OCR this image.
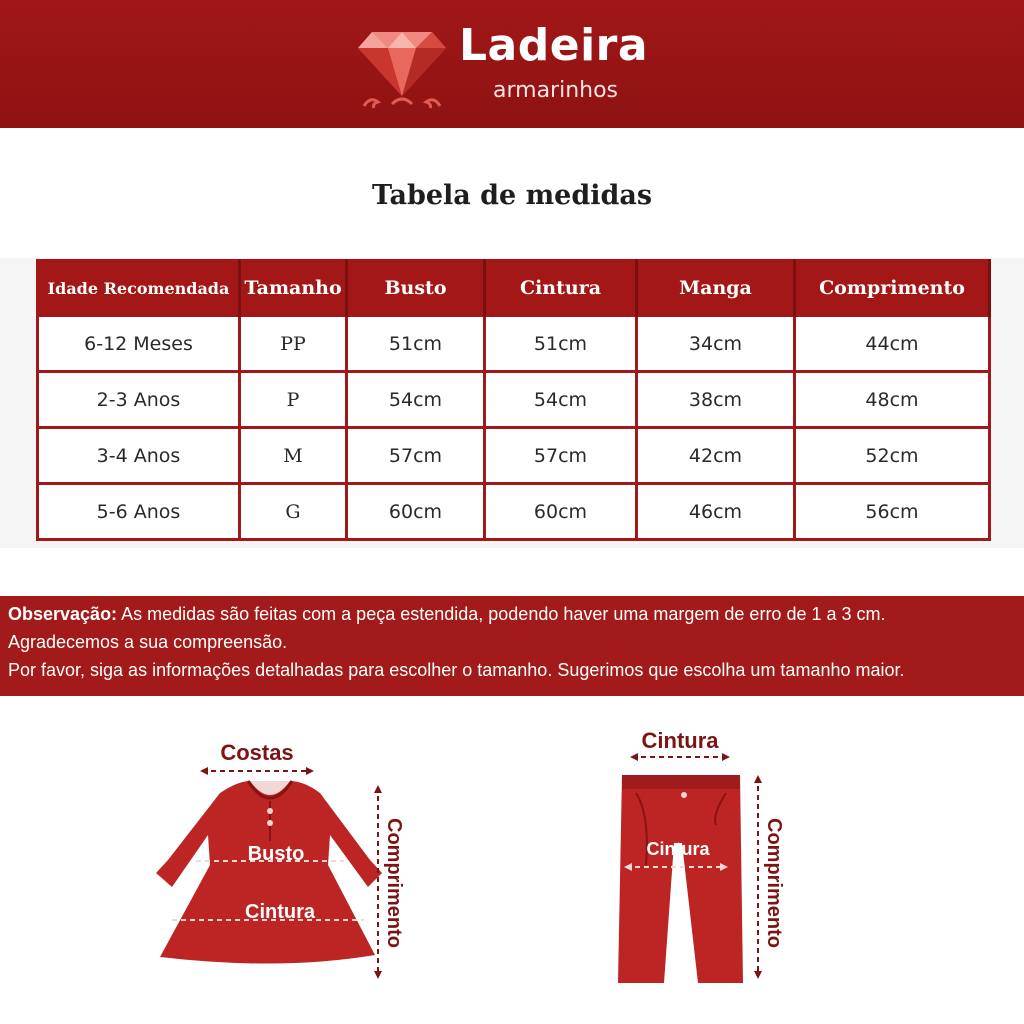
Ladeira
armarinhos
Tabela de medidas
Idade Recomendada	Tamanho	Busto	Cintura	Manga	Comprimento
6-12 Meses	PP	51cm	51cm	34cm	44cm
2-3 Anos	P	54cm	54cm	38cm	48cm
3-4 Anos	M	57cm	57cm	42cm	52cm
5-6 Anos	G	60cm	60cm	46cm	56cm
Observação: As medidas são feitas com a peça estendida, podendo haver uma margem de erro de 1 a 3 cm.
Agradecemos a sua compreensão.
Por favor, siga as informações detalhadas para escolher o tamanho. Sugerimos que escolha um tamanho maior.
Costas
Busto
Cintura	Comprimento
Cintura
Cintura	Comprimento
